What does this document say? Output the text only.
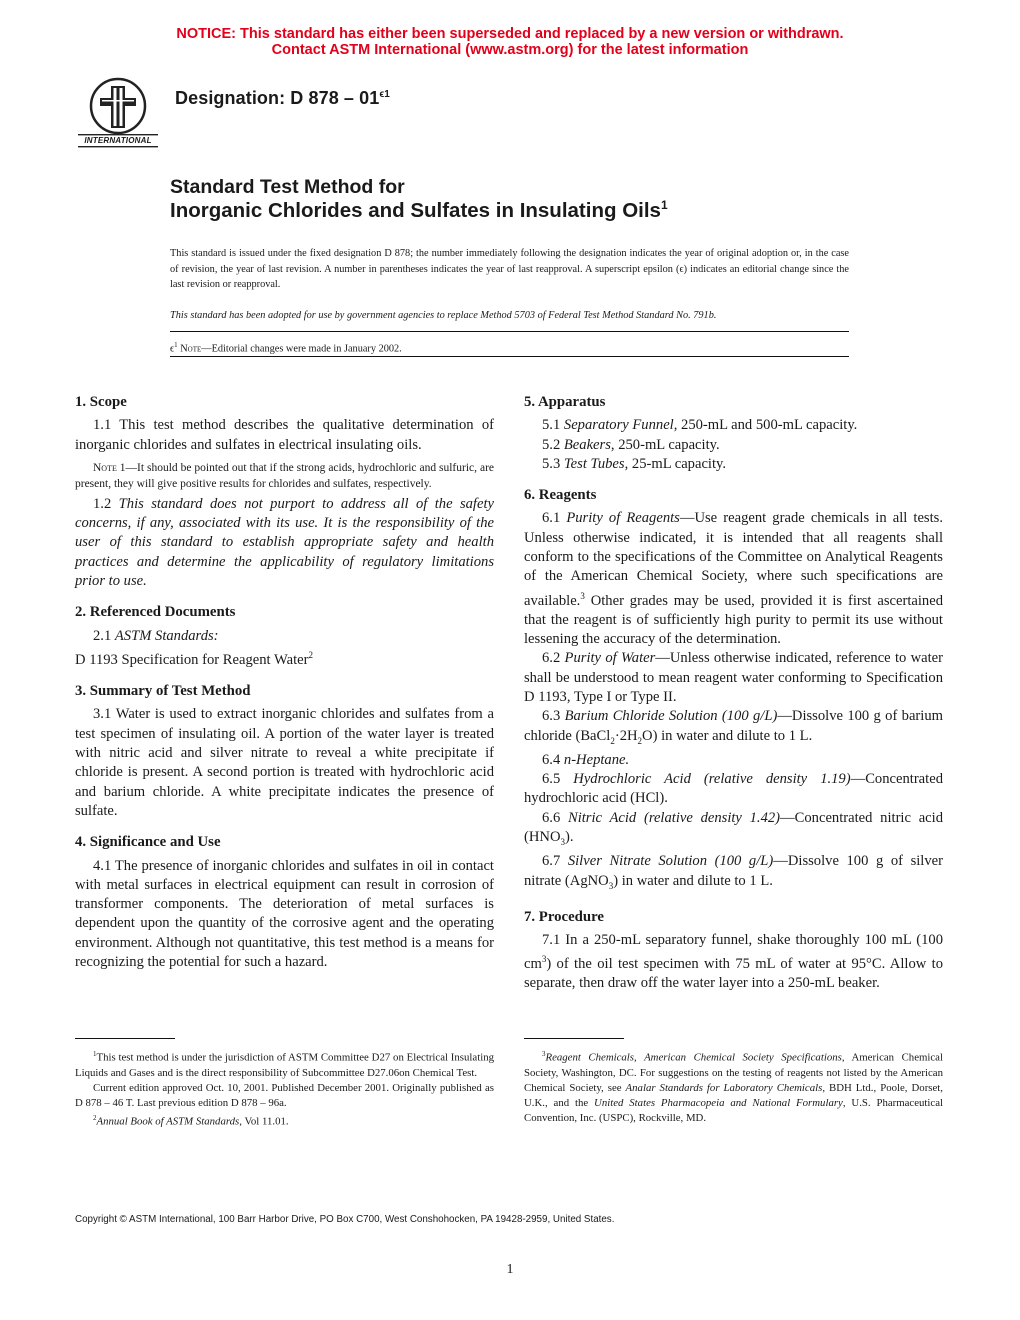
NOTICE: This standard has either been superseded and replaced by a new version or withdrawn.
Contact ASTM International (www.astm.org) for the latest information
INTERNATIONAL
Designation: D $878 - 01^{\epsilon 1}$
Standard Test Method for
Inorganic Chlorides and Sulfates in Insulating Oils$^1$
This standard is issued under the fixed designation D 878; the number immediately following the designation indicates the year of original adoption or, in the case of revision, the year of last revision. A number in parentheses indicates the year of last reapproval. A superscript epsilon (ϵ) indicates an editorial change since the last revision or reapproval.
This standard has been adopted for use by government agencies to replace Method 5703 of Federal Test Method Standard No. 791b.
$\epsilon^1$ Note—Editorial changes were made in January 2002.
1. Scope

1.1 This test method describes the qualitative determination of inorganic chlorides and sulfates in electrical insulating oils.

Note 1—It should be pointed out that if the strong acids, hydrochloric and sulfuric, are present, they will give positive results for chlorides and sulfates, respectively.

1.2 This standard does not purport to address all of the safety concerns, if any, associated with its use. It is the responsibility of the user of this standard to establish appropriate safety and health practices and determine the applicability of regulatory limitations prior to use.

2. Referenced Documents

2.1 ASTM Standards:

D 1193 Specification for Reagent Water$^2$

3. Summary of Test Method

3.1 Water is used to extract inorganic chlorides and sulfates from a test specimen of insulating oil. A portion of the water layer is treated with nitric acid and silver nitrate to reveal a white precipitate if chloride is present. A second portion is treated with hydrochloric acid and barium chloride. A white precipitate indicates the presence of sulfate.

4. Significance and Use

4.1 The presence of inorganic chlorides and sulfates in oil in contact with metal surfaces in electrical equipment can result in corrosion of transformer components. The deterioration of metal surfaces is dependent upon the quantity of the corrosive agent and the operating environment. Although not quantitative, this test method is a means for recognizing the potential for such a hazard.

$^1$This test method is under the jurisdiction of ASTM Committee D27 on Electrical Insulating Liquids and Gases and is the direct responsibility of Subcommittee D27.06on Chemical Test.

Current edition approved Oct. 10, 2001. Published December 2001. Originally published as D 878 – 46 T. Last previous edition D 878 – 96a.

$^2$Annual Book of ASTM Standards, Vol 11.01.

5. Apparatus

5.1 Separatory Funnel, 250-mL and 500-mL capacity.

5.2 Beakers, 250-mL capacity.

5.3 Test Tubes, 25-mL capacity.

6. Reagents

6.1 Purity of Reagents—Use reagent grade chemicals in all tests. Unless otherwise indicated, it is intended that all reagents shall conform to the specifications of the Committee on Analytical Reagents of the American Chemical Society, where such specifications are available.$^3$ Other grades may be used, provided it is first ascertained that the reagent is of sufficiently high purity to permit its use without lessening the accuracy of the determination.

6.2 Purity of Water—Unless otherwise indicated, reference to water shall be understood to mean reagent water conforming to Specification D 1193, Type I or Type II.

6.3 Barium Chloride Solution (100 g/L)—Dissolve 100 g of barium chloride $(BaCl_2\cdot 2H_2O)$ in water and dilute to 1 L.

6.4 n-Heptane.

6.5 Hydrochloric Acid (relative density 1.19)—Concentrated hydrochloric acid (HCl).

6.6 Nitric Acid (relative density 1.42)—Concentrated nitric acid $(HNO_3)$.

6.7 Silver Nitrate Solution (100 g/L)—Dissolve 100 g of silver nitrate (AgNO$_3$) in water and dilute to 1 L.

7. Procedure

7.1 In a 250-mL separatory funnel, shake thoroughly 100 mL (100 $cm^3$) of the oil test specimen with 75 mL of water at 95°C. Allow to separate, then draw off the water layer into a 250-mL beaker.

$^3$Reagent Chemicals, American Chemical Society Specifications, American Chemical Society, Washington, DC. For suggestions on the testing of reagents not listed by the American Chemical Society, see Analar Standards for Laboratory Chemicals, BDH Ltd., Poole, Dorset, U.K., and the United States Pharmacopeia and National Formulary, U.S. Pharmaceutical Convention, Inc. (USPC), Rockville, MD.

Copyright © ASTM International, 100 Barr Harbor Drive, PO Box C700, West Conshohocken, PA 19428-2959, United States.
1
